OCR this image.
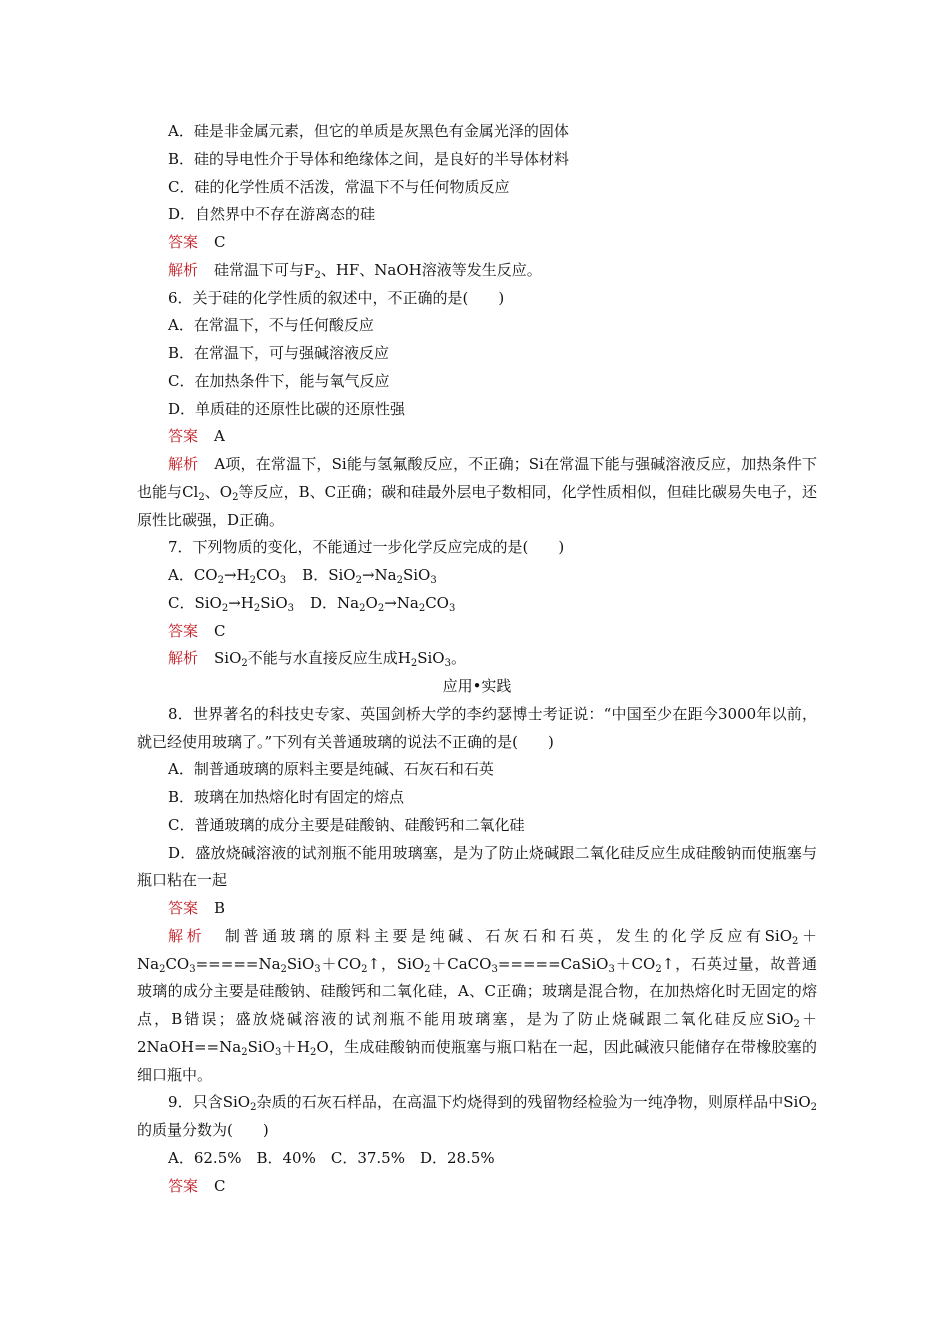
A．硅是非金属元素，但它的单质是灰黑色有金属光泽的固体
B．硅的导电性介于导体和绝缘体之间，是良好的半导体材料
C．硅的化学性质不活泼，常温下不与任何物质反应
D．自然界中不存在游离态的硅
答案 C
解析 硅常温下可与$F_2$、HF、NaOH溶液等发生反应。
6．关于硅的化学性质的叙述中，不正确的是(　　)
A．在常温下，不与任何酸反应
B．在常温下，可与强碱溶液反应
C．在加热条件下，能与氧气反应
D．单质硅的还原性比碳的还原性强
答案 A
解析 A项，在常温下，Si能与氢氟酸反应，不正确；Si在常温下能与强碱溶液反应，加热条件下也能与$Cl_2$、$O_2$等反应，B、C正确；碳和硅最外层电子数相同，化学性质相似，但硅比碳易失电子，还原性比碳强，D正确。
7．下列物质的变化，不能通过一步化学反应完成的是(　　)
A．$CO_2\to H_2CO_3$ B．$SiO_2\to Na_2SiO_3$
C．$SiO_2\to H_2SiO_3$ D．$Na_2O_2\to Na_2CO_3$
答案 C
解析 SiO$_2$不能与水直接反应生成$H_2SiO_3$。
应用•实践
8．世界著名的科技史专家、英国剑桥大学的李约瑟博士考证说：“中国至少在距今3000年以前，就已经使用玻璃了。”下列有关普通玻璃的说法不正确的是(　　)
A．制普通玻璃的原料主要是纯碱、石灰石和石英
B．玻璃在加热熔化时有固定的熔点
C．普通玻璃的成分主要是硅酸钠、硅酸钙和二氧化硅
D．盛放烧碱溶液的试剂瓶不能用玻璃塞，是为了防止烧碱跟二氧化硅反应生成硅酸钠而使瓶塞与瓶口粘在一起
答案 B
解析 制普通玻璃的原料主要是纯碱、石灰石和石英，发生的化学反应有$SiO_2+Na_2CO_3=====Na_2SiO_3+CO_2↑$，$SiO_2+CaCO_3=====CaSiO_3+CO_2↑$，石英过量，故普通玻璃的成分主要是硅酸钠、硅酸钙和二氧化硅，A、C正确；玻璃是混合物，在加热熔化时无固定的熔点，B错误；盛放烧碱溶液的试剂瓶不能用玻璃塞，是为了防止烧碱跟二氧化硅反应$SiO_2+2NaOH==Na_2SiO_3+H_2O$，生成硅酸钠而使瓶塞与瓶口粘在一起，因此碱液只能储存在带橡胶塞的细口瓶中。
9．只含SiO$_2$杂质的石灰石样品，在高温下灼烧得到的残留物经检验为一纯净物，则原样品中SiO$_2$的质量分数为(　　)
A．62.5%　B．40%　C．37.5%　D．28.5%
答案 C
